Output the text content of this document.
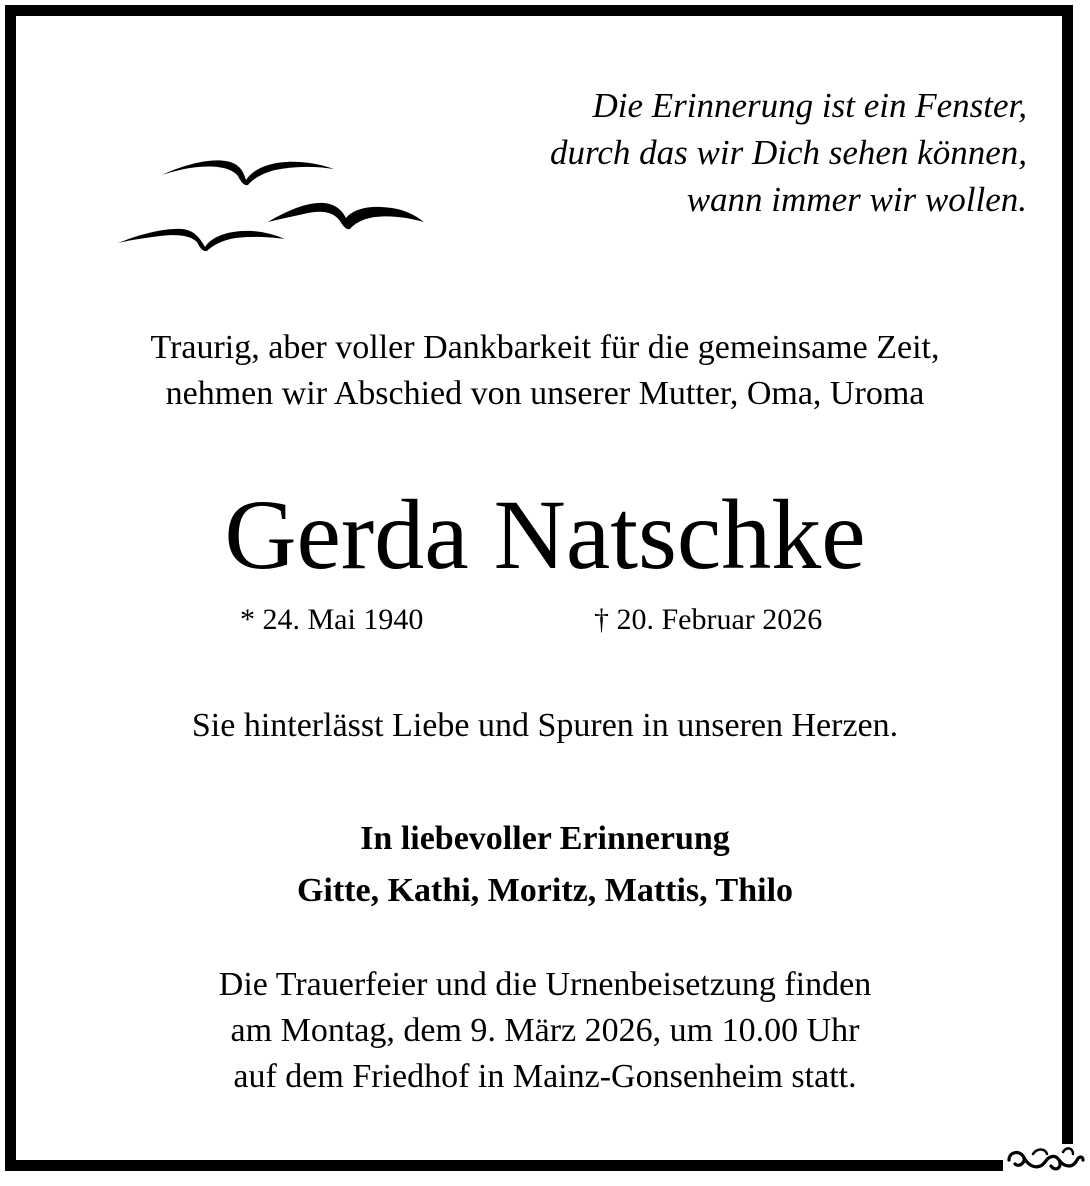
Die Erinnerung ist ein Fenster,
durch das wir Dich sehen können,
wann immer wir wollen.
Traurig, aber voller Dankbarkeit für die gemeinsame Zeit,
nehmen wir Abschied von unserer Mutter, Oma, Uroma
Gerda Natschke
* 24. Mai 1940	† 20. Februar 2026
Sie hinterlässt Liebe und Spuren in unseren Herzen.
In liebevoller Erinnerung
Gitte, Kathi, Moritz, Mattis, Thilo
Die Trauerfeier und die Urnenbeisetzung finden
am Montag, dem 9. März 2026, um 10.00 Uhr
auf dem Friedhof in Mainz-Gonsenheim statt.
